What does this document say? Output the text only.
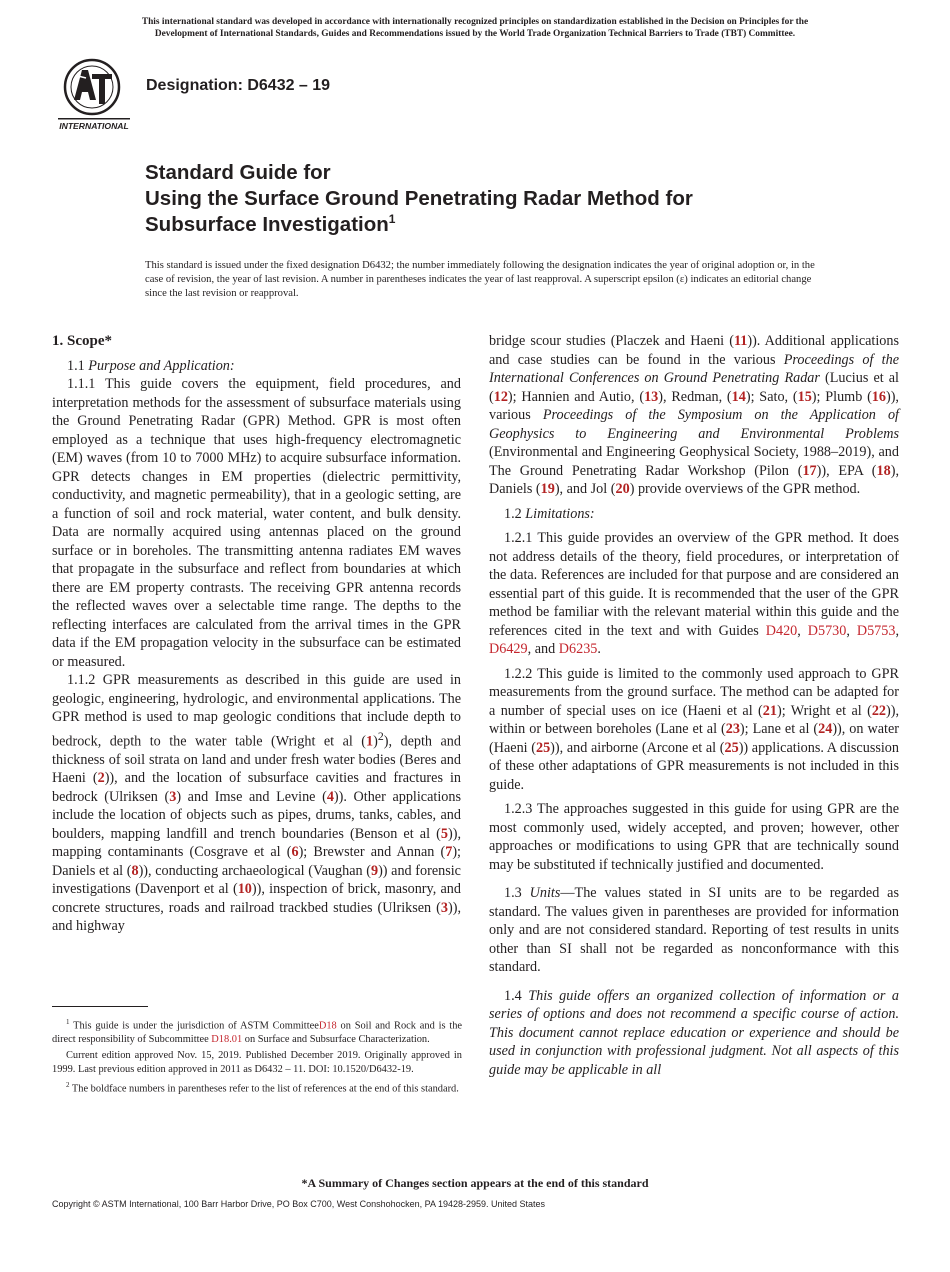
This international standard was developed in accordance with internationally recognized principles on standardization established in the Decision on Principles for the
Development of International Standards, Guides and Recommendations issued by the World Trade Organization Technical Barriers to Trade (TBT) Committee.
INTERNATIONAL
Designation: D6432 – 19
Standard Guide for
Using the Surface Ground Penetrating Radar Method for
Subsurface Investigation$^1$
This standard is issued under the fixed designation D6432; the number immediately following the designation indicates the year of original adoption or, in the case of revision, the year of last revision. A number in parentheses indicates the year of last reapproval. A superscript epsilon (ε) indicates an editorial change since the last revision or reapproval.

1. Scope*

1.1 Purpose and Application:

1.1.1 This guide covers the equipment, field procedures, and interpretation methods for the assessment of subsurface materials using the Ground Penetrating Radar (GPR) Method. GPR is most often employed as a technique that uses high-frequency electromagnetic (EM) waves (from 10 to 7000 MHz) to acquire subsurface information. GPR detects changes in EM properties (dielectric permittivity, conductivity, and magnetic permeability), that in a geologic setting, are a function of soil and rock material, water content, and bulk density. Data are normally acquired using antennas placed on the ground surface or in boreholes. The transmitting antenna radiates EM waves that propagate in the subsurface and reflect from boundaries at which there are EM property contrasts. The receiving GPR antenna records the reflected waves over a selectable time range. The depths to the reflecting interfaces are calculated from the arrival times in the GPR data if the EM propagation velocity in the subsurface can be estimated or measured.

1.1.2 GPR measurements as described in this guide are used in geologic, engineering, hydrologic, and environmental applications. The GPR method is used to map geologic conditions that include depth to bedrock, depth to the water table (Wright et al $(1)^2$), depth and thickness of soil strata on land and under fresh water bodies (Beres and Haeni (2)), and the location of subsurface cavities and fractures in bedrock (Ulriksen (3) and Imse and Levine (4)). Other applications include the location of objects such as pipes, drums, tanks, cables, and boulders, mapping landfill and trench boundaries (Benson et al (5)), mapping contaminants (Cosgrave et al (6); Brewster and Annan (7); Daniels et al (8)), conducting archaeological (Vaughan (9)) and forensic investigations (Davenport et al (10)), inspection of brick, masonry, and concrete structures, roads and railroad trackbed studies (Ulriksen (3)), and highway

bridge scour studies (Placzek and Haeni (11)). Additional applications and case studies can be found in the various Proceedings of the International Conferences on Ground Penetrating Radar (Lucius et al (12); Hannien and Autio, (13), Redman, (14); Sato, (15); Plumb (16)), various Proceedings of the Symposium on the Application of Geophysics to Engineering and Environmental Problems (Environmental and Engineering Geophysical Society, 1988–2019), and The Ground Penetrating Radar Workshop (Pilon (17)), EPA (18), Daniels (19), and Jol (20) provide overviews of the GPR method.

1.2 Limitations:

1.2.1 This guide provides an overview of the GPR method. It does not address details of the theory, field procedures, or interpretation of the data. References are included for that purpose and are considered an essential part of this guide. It is recommended that the user of the GPR method be familiar with the relevant material within this guide and the references cited in the text and with Guides D420, D5730, D5753, D6429, and D6235.

1.2.2 This guide is limited to the commonly used approach to GPR measurements from the ground surface. The method can be adapted for a number of special uses on ice (Haeni et al (21); Wright et al (22)), within or between boreholes (Lane et al (23); Lane et al (24)), on water (Haeni (25)), and airborne (Arcone et al (25)) applications. A discussion of these other adaptations of GPR measurements is not included in this guide.

1.2.3 The approaches suggested in this guide for using GPR are the most commonly used, widely accepted, and proven; however, other approaches or modifications to using GPR that are technically sound may be substituted if technically justified and documented.

1.3 Units—The values stated in SI units are to be regarded as standard. The values given in parentheses are provided for information only and are not considered standard. Reporting of test results in units other than SI shall not be regarded as nonconformance with this standard.

1.4 This guide offers an organized collection of information or a series of options and does not recommend a specific course of action. This document cannot replace education or experience and should be used in conjunction with professional judgment. Not all aspects of this guide may be applicable in all

$^1$ This guide is under the jurisdiction of ASTM CommitteeD18 on Soil and Rock and is the direct responsibility of Subcommittee D18.01 on Surface and Subsurface Characterization.

Current edition approved Nov. 15, 2019. Published December 2019. Originally approved in 1999. Last previous edition approved in 2011 as D6432 – 11. DOI: 10.1520/D6432-19.

$^2$ The boldface numbers in parentheses refer to the list of references at the end of this standard.

*A Summary of Changes section appears at the end of this standard
Copyright © ASTM International, 100 Barr Harbor Drive, PO Box C700, West Conshohocken, PA 19428-2959. United States
